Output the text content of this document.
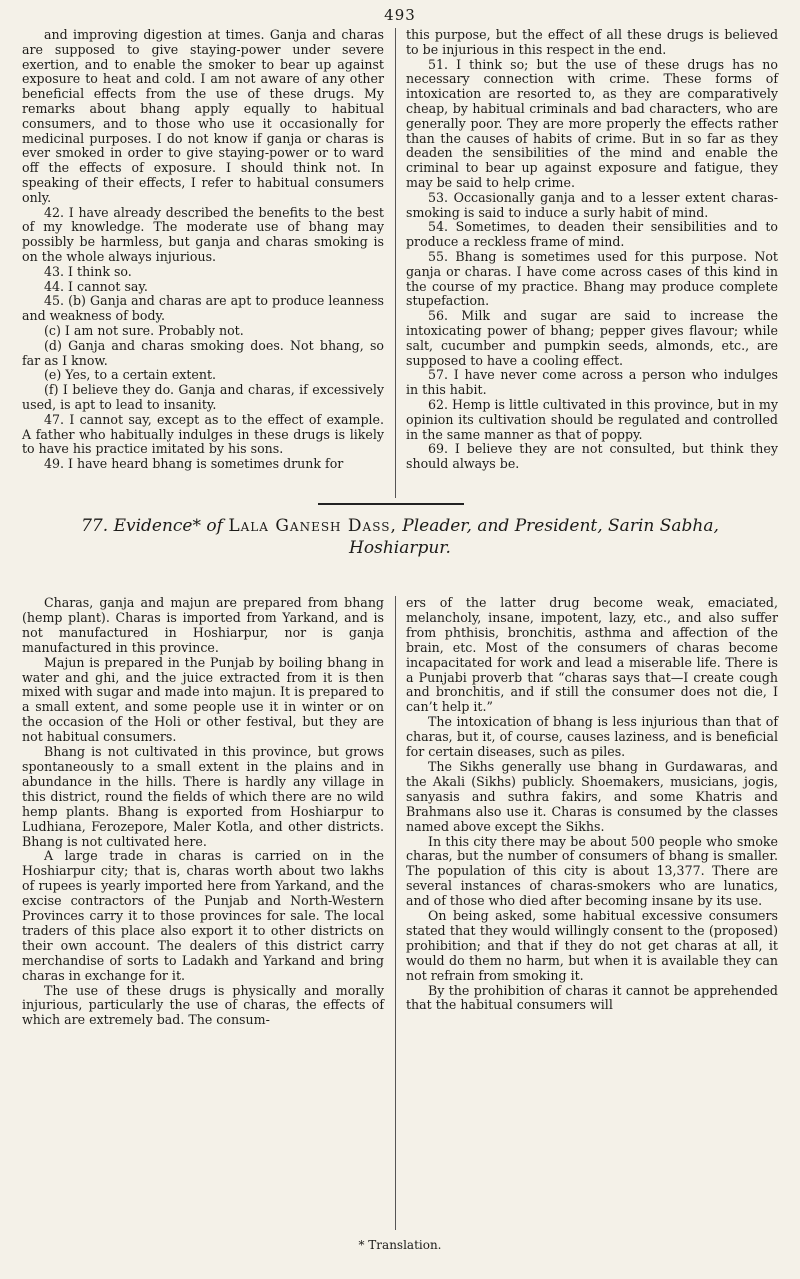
493

and improving digestion at times. Ganja and charas are supposed to give staying-power under severe exertion, and to enable the smoker to bear up against exposure to heat and cold. I am not aware of any other beneficial effects from the use of these drugs. My remarks about bhang apply equally to habitual consumers, and to those who use it occasionally for medicinal purposes. I do not know if ganja or charas is ever smoked in order to give staying-power or to ward off the effects of exposure. I should think not. In speaking of their effects, I refer to habitual consumers only.

42. I have already described the benefits to the best of my knowledge. The moderate use of bhang may possibly be harmless, but ganja and charas smoking is on the whole always injurious.

43. I think so.

44. I cannot say.

45. (b) Ganja and charas are apt to produce leanness and weakness of body.

(c) I am not sure. Probably not.

(d) Ganja and charas smoking does. Not bhang, so far as I know.

(e) Yes, to a certain extent.

(f) I believe they do. Ganja and charas, if excessively used, is apt to lead to insanity.

47. I cannot say, except as to the effect of example. A father who habitually indulges in these drugs is likely to have his practice imitated by his sons.

49. I have heard bhang is sometimes drunk for

this purpose, but the effect of all these drugs is believed to be injurious in this respect in the end.

51. I think so; but the use of these drugs has no necessary connection with crime. These forms of intoxication are resorted to, as they are comparatively cheap, by habitual criminals and bad characters, who are generally poor. They are more properly the effects rather than the causes of habits of crime. But in so far as they deaden the sensibilities of the mind and enable the criminal to bear up against exposure and fatigue, they may be said to help crime.

53. Occasionally ganja and to a lesser extent charas-smoking is said to induce a surly habit of mind.

54. Sometimes, to deaden their sensibilities and to produce a reckless frame of mind.

55. Bhang is sometimes used for this purpose. Not ganja or charas. I have come across cases of this kind in the course of my practice. Bhang may produce complete stupefaction.

56. Milk and sugar are said to increase the intoxicating power of bhang; pepper gives flavour; while salt, cucumber and pumpkin seeds, almonds, etc., are supposed to have a cooling effect.

57. I have never come across a person who indulges in this habit.

62. Hemp is little cultivated in this province, but in my opinion its cultivation should be regulated and controlled in the same manner as that of poppy.

69. I believe they are not consulted, but think they should always be.

77. Evidence* of Lala Ganesh Dass, Pleader, and President, Sarin Sabha,
Hoshiarpur.

Charas, ganja and majun are prepared from bhang (hemp plant). Charas is imported from Yarkand, and is not manufactured in Hoshiarpur, nor is ganja manufactured in this province.

Majun is prepared in the Punjab by boiling bhang in water and ghi, and the juice extracted from it is then mixed with sugar and made into majun. It is prepared to a small extent, and some people use it in winter or on the occasion of the Holi or other festival, but they are not habitual consumers.

Bhang is not cultivated in this province, but grows spontaneously to a small extent in the plains and in abundance in the hills. There is hardly any village in this district, round the fields of which there are no wild hemp plants. Bhang is exported from Hoshiarpur to Ludhiana, Ferozepore, Maler Kotla, and other districts. Bhang is not cultivated here.

A large trade in charas is carried on in the Hoshiarpur city; that is, charas worth about two lakhs of rupees is yearly imported here from Yarkand, and the excise contractors of the Punjab and North-Western Provinces carry it to those provinces for sale. The local traders of this place also export it to other districts on their own account. The dealers of this district carry merchandise of sorts to Ladakh and Yarkand and bring charas in exchange for it.

The use of these drugs is physically and morally injurious, particularly the use of charas, the effects of which are extremely bad. The consum-

ers of the latter drug become weak, emaciated, melancholy, insane, impotent, lazy, etc., and also suffer from phthisis, bronchitis, asthma and affection of the brain, etc. Most of the consumers of charas become incapacitated for work and lead a miserable life. There is a Punjabi proverb that “charas says that—I create cough and bronchitis, and if still the consumer does not die, I can’t help it.”

The intoxication of bhang is less injurious than that of charas, but it, of course, causes laziness, and is beneficial for certain diseases, such as piles.

The Sikhs generally use bhang in Gurdawaras, and the Akali (Sikhs) publicly. Shoemakers, musicians, jogis, sanyasis and suthra fakirs, and some Khatris and Brahmans also use it. Charas is consumed by the classes named above except the Sikhs.

In this city there may be about 500 people who smoke charas, but the number of consumers of bhang is smaller. The population of this city is about 13,377. There are several instances of charas-smokers who are lunatics, and of those who died after becoming insane by its use.

On being asked, some habitual excessive consumers stated that they would willingly consent to the (proposed) prohibition; and that if they do not get charas at all, it would do them no harm, but when it is available they can not refrain from smoking it.

By the prohibition of charas it cannot be apprehended that the habitual consumers will

* Translation.
